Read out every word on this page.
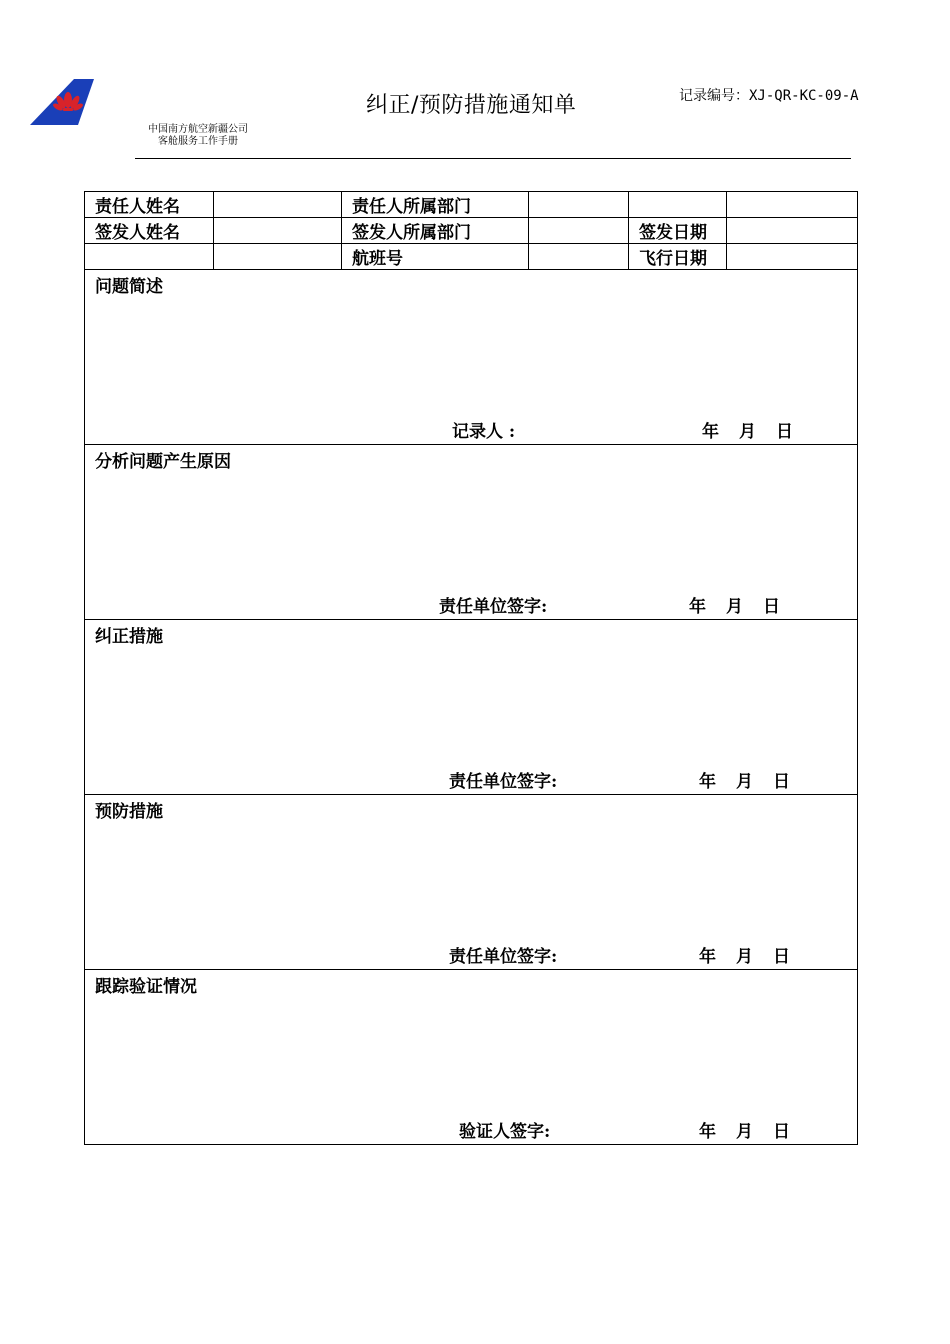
中国南方航空新疆公司
客舱服务工作手册
纠正/预防措施通知单	记录编号：XJ-QR-KC-09-A
责任人姓名		责任人所属部门			
签发人姓名		签发人所属部门		签发日期	
		航班号		飞行日期	

问题简述
记录人 : 年 月 日					

分析问题产生原因
责任单位签字: 年 月 日					

纠正措施
责任单位签字: 年 月 日					

预防措施
责任单位签字: 年 月 日					

跟踪验证情况
验证人签字: 年 月 日					
